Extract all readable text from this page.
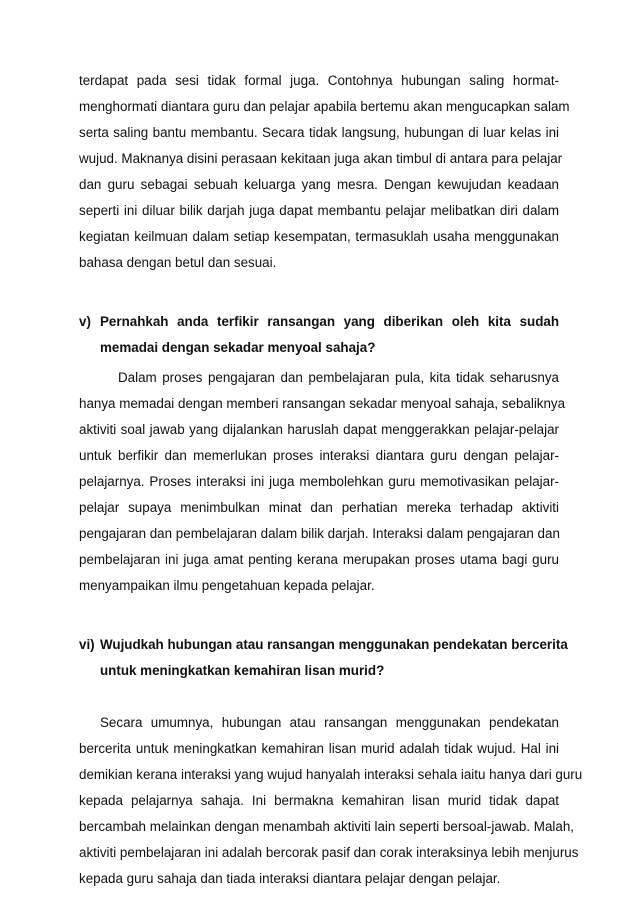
terdapat pada sesi tidak formal juga. Contohnya hubungan saling hormat-
menghormati diantara guru dan pelajar apabila bertemu akan mengucapkan salam
serta saling bantu membantu. Secara tidak langsung, hubungan di luar kelas ini
wujud. Maknanya disini perasaan kekitaan juga akan timbul di antara para pelajar
dan guru sebagai sebuah keluarga yang mesra. Dengan kewujudan keadaan
seperti ini diluar bilik darjah juga dapat membantu pelajar melibatkan diri dalam
kegiatan keilmuan dalam setiap kesempatan, termasuklah usaha menggunakan
bahasa dengan betul dan sesuai.
v) Pernahkah anda terfikir ransangan yang diberikan oleh kita sudah
memadai dengan sekadar menyoal sahaja?
Dalam proses pengajaran dan pembelajaran pula, kita tidak seharusnya
hanya memadai dengan memberi ransangan sekadar menyoal sahaja, sebaliknya
aktiviti soal jawab yang dijalankan haruslah dapat menggerakkan pelajar-pelajar
untuk berfikir dan memerlukan proses interaksi diantara guru dengan pelajar-
pelajarnya. Proses interaksi ini juga membolehkan guru memotivasikan pelajar-
pelajar supaya menimbulkan minat dan perhatian mereka terhadap aktiviti
pengajaran dan pembelajaran dalam bilik darjah. Interaksi dalam pengajaran dan
pembelajaran ini juga amat penting kerana merupakan proses utama bagi guru
menyampaikan ilmu pengetahuan kepada pelajar.
vi) Wujudkah hubungan atau ransangan menggunakan pendekatan bercerita
untuk meningkatkan kemahiran lisan murid?
Secara umumnya, hubungan atau ransangan menggunakan pendekatan
bercerita untuk meningkatkan kemahiran lisan murid adalah tidak wujud. Hal ini
demikian kerana interaksi yang wujud hanyalah interaksi sehala iaitu hanya dari guru
kepada pelajarnya sahaja. Ini bermakna kemahiran lisan murid tidak dapat
bercambah melainkan dengan menambah aktiviti lain seperti bersoal-jawab. Malah,
aktiviti pembelajaran ini adalah bercorak pasif dan corak interaksinya lebih menjurus
kepada guru sahaja dan tiada interaksi diantara pelajar dengan pelajar.
